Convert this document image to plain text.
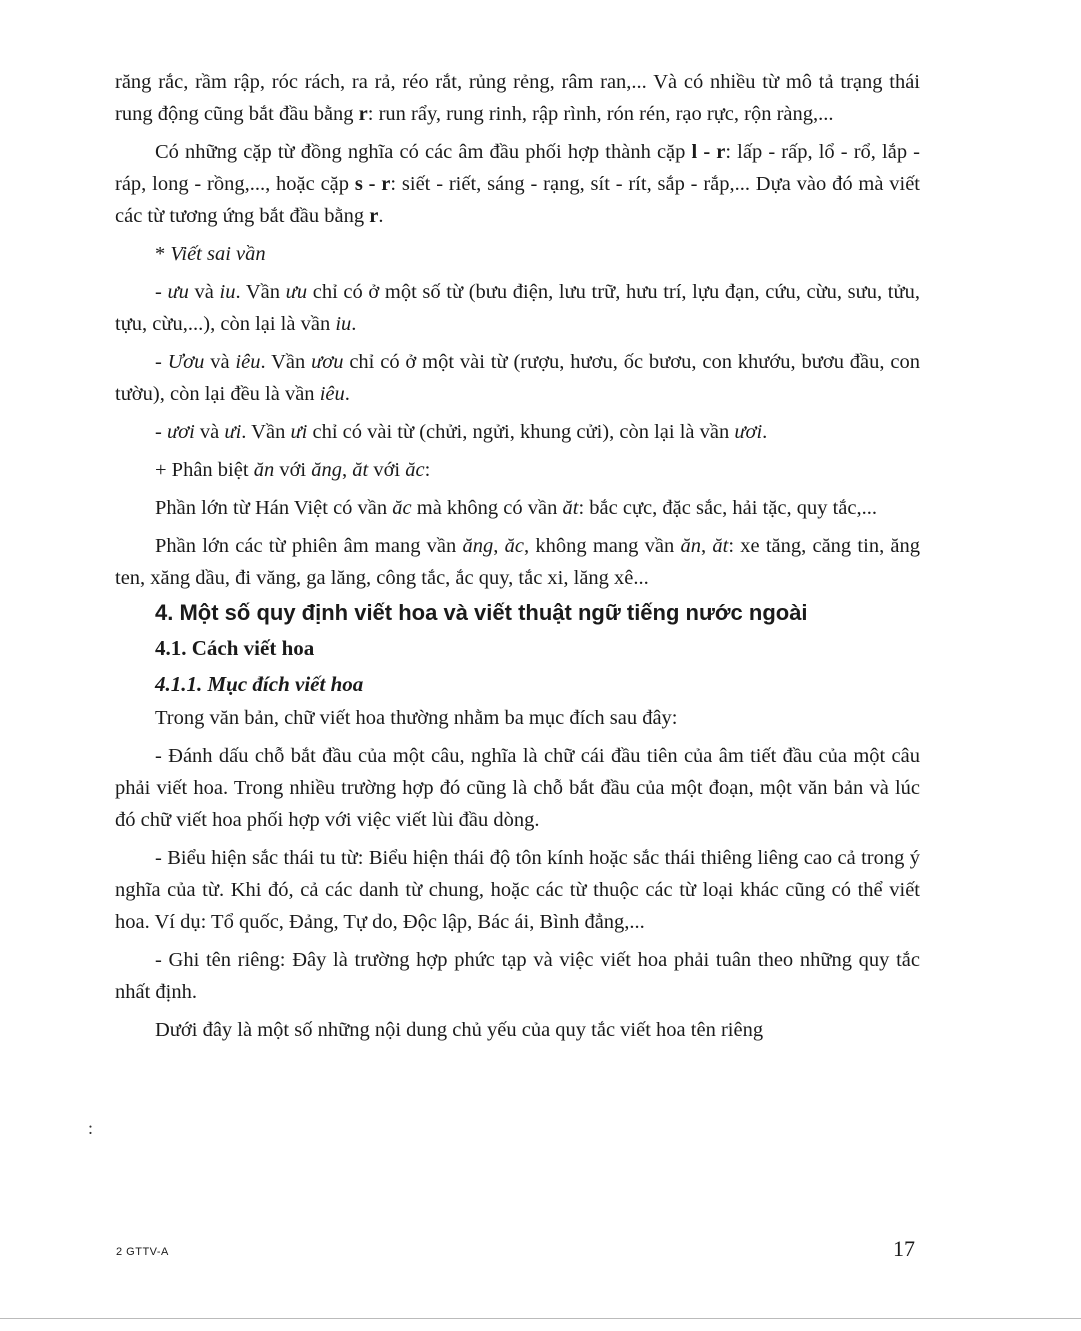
răng rắc, rầm rập, róc rách, ra rả, réo rắt, rủng rẻng, râm ran,... Và có nhiều từ mô tả trạng thái rung động cũng bắt đầu bằng r: run rẩy, rung rinh, rập rình, rón rén, rạo rực, rộn ràng,...

Có những cặp từ đồng nghĩa có các âm đầu phối hợp thành cặp l - r: lấp - rấp, lổ - rổ, lắp - ráp, long - rồng,..., hoặc cặp s - r: siết - riết, sáng - rạng, sít - rít, sắp - rắp,... Dựa vào đó mà viết các từ tương ứng bắt đầu bằng r.

* Viết sai vần

- ưu và iu. Vần ưu chỉ có ở một số từ (bưu điện, lưu trữ, hưu trí, lựu đạn, cứu, cừu, sưu, tửu, tựu, cừu,...), còn lại là vần iu.

- Ươu và iêu. Vần ươu chỉ có ở một vài từ (rượu, hươu, ốc bươu, con khướu, bươu đầu, con tườu), còn lại đều là vần iêu.

- ươi và ưi. Vần ưi chỉ có vài từ (chửi, ngửi, khung cửi), còn lại là vần ươi.

+ Phân biệt ăn với ăng, ăt với ăc:

Phần lớn từ Hán Việt có vần ăc mà không có vần ăt: bắc cực, đặc sắc, hải tặc, quy tắc,...

Phần lớn các từ phiên âm mang vần ăng, ăc, không mang vần ăn, ăt: xe tăng, căng tin, ăng ten, xăng dầu, đi văng, ga lăng, công tắc, ắc quy, tắc xi, lăng xê...

4. Một số quy định viết hoa và viết thuật ngữ tiếng nước ngoài
4.1. Cách viết hoa
4.1.1. Mục đích viết hoa

Trong văn bản, chữ viết hoa thường nhằm ba mục đích sau đây:

- Đánh dấu chỗ bắt đầu của một câu, nghĩa là chữ cái đầu tiên của âm tiết đầu của một câu phải viết hoa. Trong nhiều trường hợp đó cũng là chỗ bắt đầu của một đoạn, một văn bản và lúc đó chữ viết hoa phối hợp với việc viết lùi đầu dòng.

- Biểu hiện sắc thái tu từ: Biểu hiện thái độ tôn kính hoặc sắc thái thiêng liêng cao cả trong ý nghĩa của từ. Khi đó, cả các danh từ chung, hoặc các từ thuộc các từ loại khác cũng có thể viết hoa. Ví dụ: Tổ quốc, Đảng, Tự do, Độc lập, Bác ái, Bình đẳng,...

- Ghi tên riêng: Đây là trường hợp phức tạp và việc viết hoa phải tuân theo những quy tắc nhất định.

Dưới đây là một số những nội dung chủ yếu của quy tắc viết hoa tên riêng

:
2 GTTV-A	17
